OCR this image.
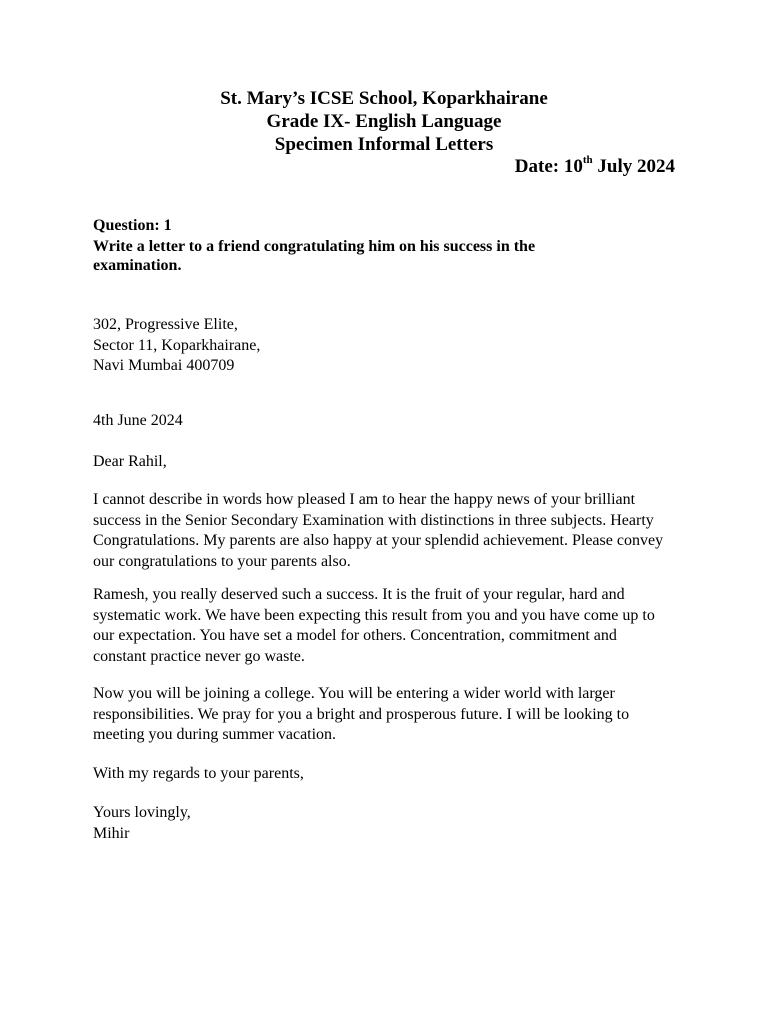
St. Mary’s ICSE School, Koparkhairane
Grade IX- English Language
Specimen Informal Letters
Date: 10th July 2024
Question: 1
Write a letter to a friend congratulating him on his success in the examination.
302, Progressive Elite,
Sector 11, Koparkhairane,
Navi Mumbai 400709
4th June 2024
Dear Rahil,
I cannot describe in words how pleased I am to hear the happy news of your brilliant success in the Senior Secondary Examination with distinctions in three subjects. Hearty Congratulations. My parents are also happy at your splendid achievement. Please convey our congratulations to your parents also.
Ramesh, you really deserved such a success. It is the fruit of your regular, hard and systematic work. We have been expecting this result from you and you have come up to our expectation. You have set a model for others. Concentration, commitment and constant practice never go waste.
Now you will be joining a college. You will be entering a wider world with larger responsibilities. We pray for you a bright and prosperous future. I will be looking to meeting you during summer vacation.
With my regards to your parents,
Yours lovingly,
Mihir
